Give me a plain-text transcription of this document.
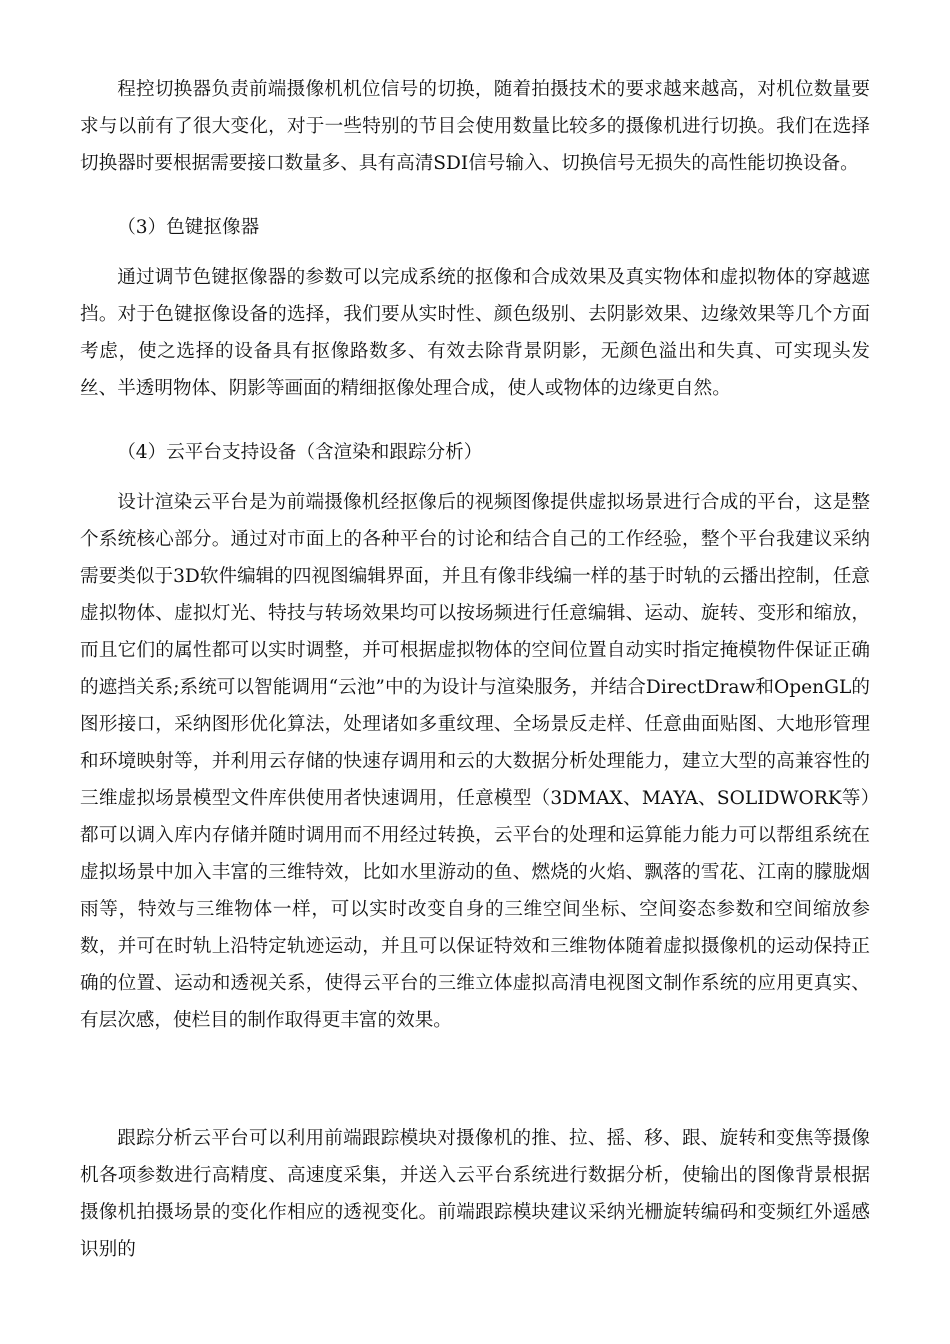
程控切换器负责前端摄像机机位信号的切换，随着拍摄技术的要求越来越高，对机位数量要求与以前有了很大变化，对于一些特别的节目会使用数量比较多的摄像机进行切换。我们在选择切换器时要根据需要接口数量多、具有高清SDI信号输入、切换信号无损失的高性能切换设备。

（3）色键抠像器

通过调节色键抠像器的参数可以完成系统的抠像和合成效果及真实物体和虚拟物体的穿越遮挡。对于色键抠像设备的选择，我们要从实时性、颜色级别、去阴影效果、边缘效果等几个方面考虑，使之选择的设备具有抠像路数多、有效去除背景阴影，无颜色溢出和失真、可实现头发丝、半透明物体、阴影等画面的精细抠像处理合成，使人或物体的边缘更自然。

（4）云平台支持设备（含渲染和跟踪分析）

设计渲染云平台是为前端摄像机经抠像后的视频图像提供虚拟场景进行合成的平台，这是整个系统核心部分。通过对市面上的各种平台的讨论和结合自己的工作经验，整个平台我建议采纳需要类似于3D软件编辑的四视图编辑界面，并且有像非线编一样的基于时轨的云播出控制，任意虚拟物体、虚拟灯光、特技与转场效果均可以按场频进行任意编辑、运动、旋转、变形和缩放，而且它们的属性都可以实时调整，并可根据虚拟物体的空间位置自动实时指定掩模物件保证正确的遮挡关系;系统可以智能调用“云池”中的为设计与渲染服务，并结合DirectDraw和OpenGL的图形接口，采纳图形优化算法，处理诸如多重纹理、全场景反走样、任意曲面贴图、大地形管理和环境映射等，并利用云存储的快速存调用和云的大数据分析处理能力，建立大型的高兼容性的三维虚拟场景模型文件库供使用者快速调用，任意模型（3DMAX、MAYA、SOLIDWORK等）都可以调入库内存储并随时调用而不用经过转换，云平台的处理和运算能力能力可以帮组系统在虚拟场景中加入丰富的三维特效，比如水里游动的鱼、燃烧的火焰、飘落的雪花、江南的朦胧烟雨等，特效与三维物体一样，可以实时改变自身的三维空间坐标、空间姿态参数和空间缩放参数，并可在时轨上沿特定轨迹运动，并且可以保证特效和三维物体随着虚拟摄像机的运动保持正确的位置、运动和透视关系，使得云平台的三维立体虚拟高清电视图文制作系统的应用更真实、有层次感，使栏目的制作取得更丰富的效果。

跟踪分析云平台可以利用前端跟踪模块对摄像机的推、拉、摇、移、跟、旋转和变焦等摄像机各项参数进行高精度、高速度采集，并送入云平台系统进行数据分析，使输出的图像背景根据摄像机拍摄场景的变化作相应的透视变化。前端跟踪模块建议采纳光栅旋转编码和变频红外遥感识别的
